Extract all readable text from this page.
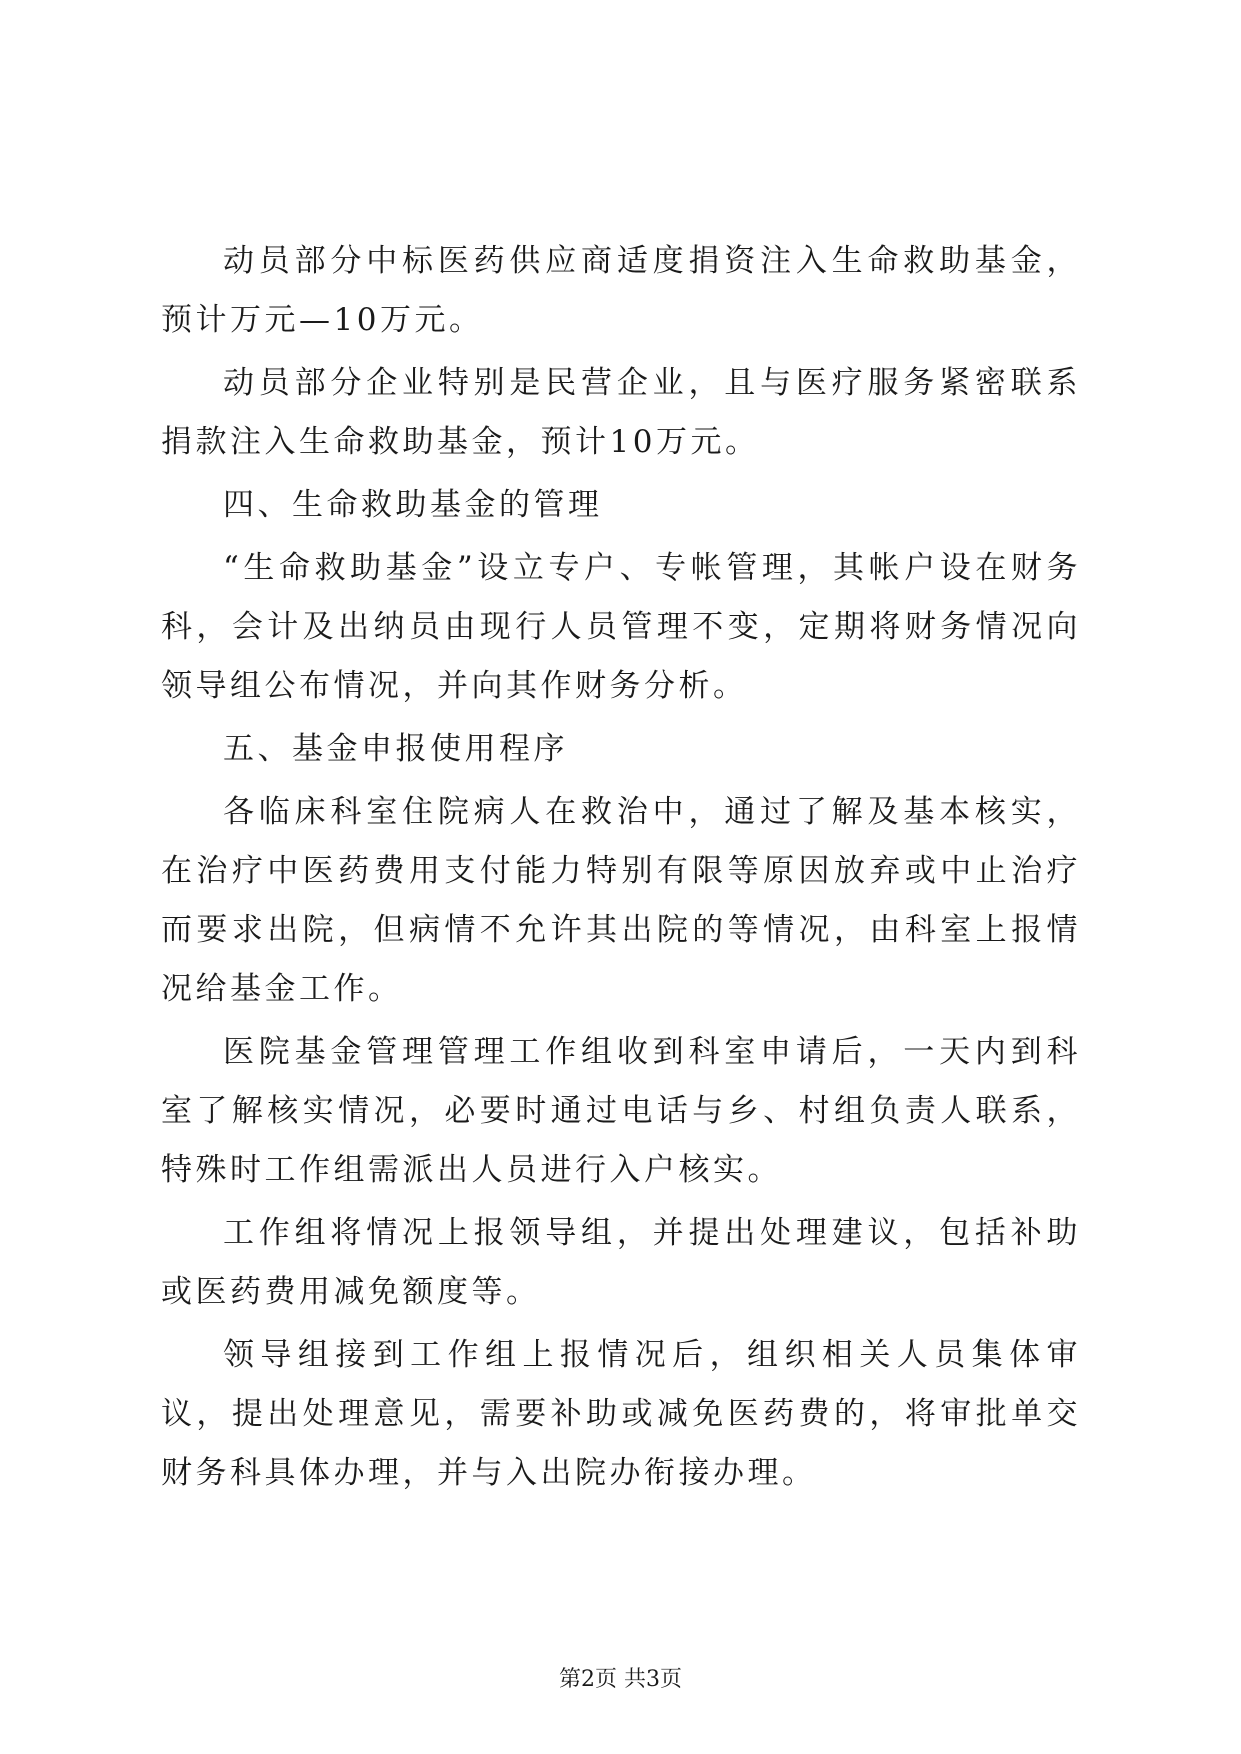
动员部分中标医药供应商适度捐资注入生命救助基金，预计万元—10万元。

动员部分企业特别是民营企业，且与医疗服务紧密联系捐款注入生命救助基金，预计10万元。

四、生命救助基金的管理

“生命救助基金”设立专户、专帐管理，其帐户设在财务科，会计及出纳员由现行人员管理不变，定期将财务情况向领导组公布情况，并向其作财务分析。

五、基金申报使用程序

各临床科室住院病人在救治中，通过了解及基本核实，在治疗中医药费用支付能力特别有限等原因放弃或中止治疗而要求出院，但病情不允许其出院的等情况，由科室上报情况给基金工作。

医院基金管理管理工作组收到科室申请后，一天内到科室了解核实情况，必要时通过电话与乡、村组负责人联系，特殊时工作组需派出人员进行入户核实。

工作组将情况上报领导组，并提出处理建议，包括补助或医药费用减免额度等。

领导组接到工作组上报情况后，组织相关人员集体审议，提出处理意见，需要补助或减免医药费的，将审批单交财务科具体办理，并与入出院办衔接办理。

第2页 共3页
